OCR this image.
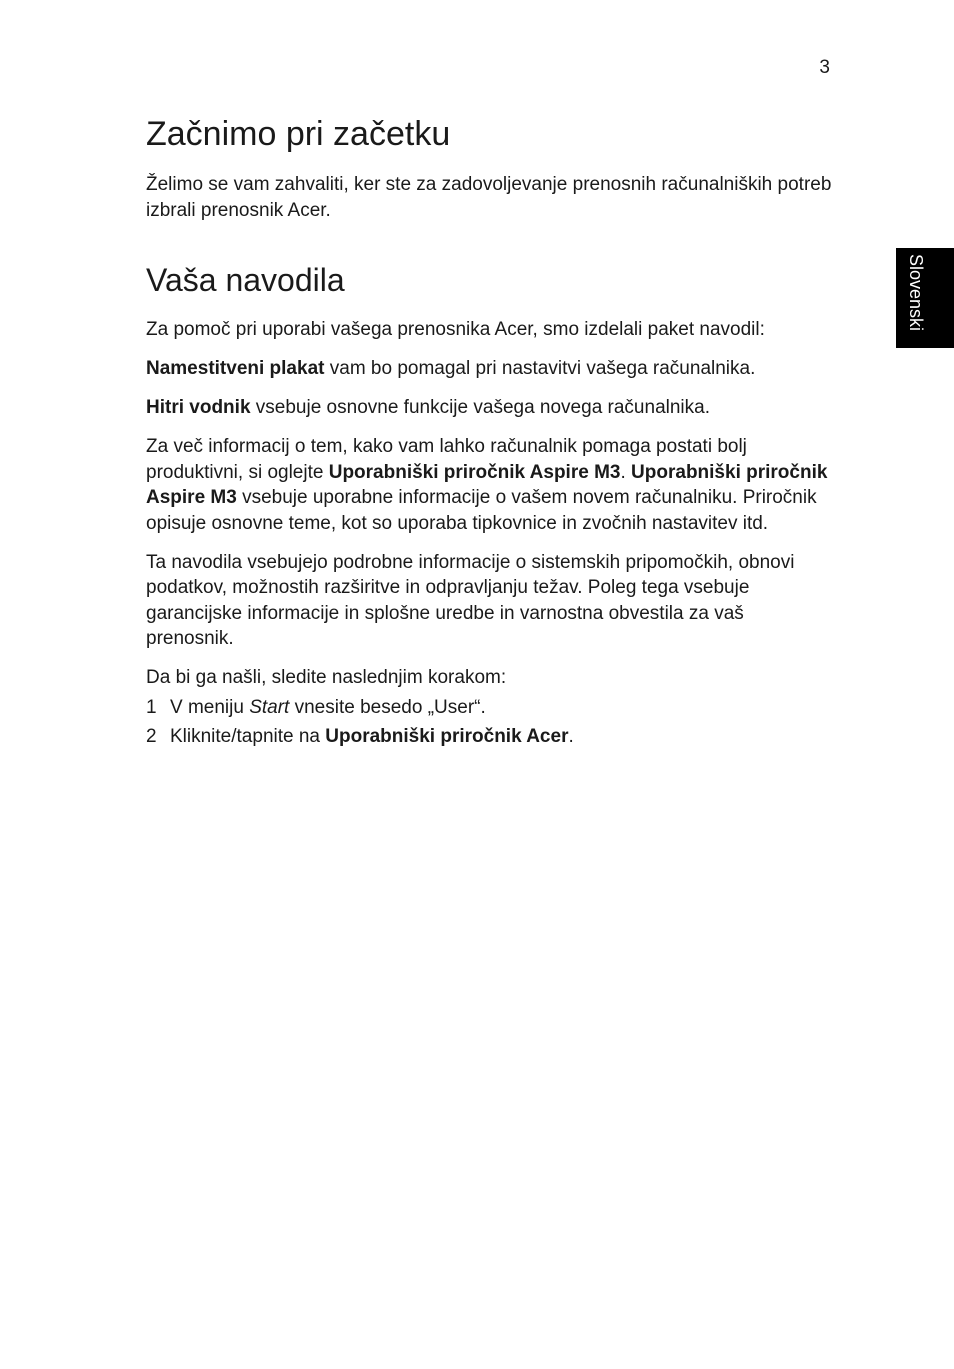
3
Slovenski
Začnimo pri začetku

Želimo se vam zahvaliti, ker ste za zadovoljevanje prenosnih računalniških potreb izbrali prenosnik Acer.

Vaša navodila

Za pomoč pri uporabi vašega prenosnika Acer, smo izdelali paket navodil:

Namestitveni plakat vam bo pomagal pri nastavitvi vašega računalnika.

Hitri vodnik vsebuje osnovne funkcije vašega novega računalnika.

Za več informacij o tem, kako vam lahko računalnik pomaga postati bolj produktivni, si oglejte Uporabniški priročnik Aspire M3. Uporabniški priročnik Aspire M3 vsebuje uporabne informacije o vašem novem računalniku. Priročnik opisuje osnovne teme, kot so uporaba tipkovnice in zvočnih nastavitev itd.

Ta navodila vsebujejo podrobne informacije o sistemskih pripomočkih, obnovi podatkov, možnostih razširitve in odpravljanju težav. Poleg tega vsebuje garancijske informacije in splošne uredbe in varnostna obvestila za vaš prenosnik.

Da bi ga našli, sledite naslednjim korakom:

1 V meniju Start vnesite besedo „User“.
2 Kliknite/tapnite na Uporabniški priročnik Acer.
